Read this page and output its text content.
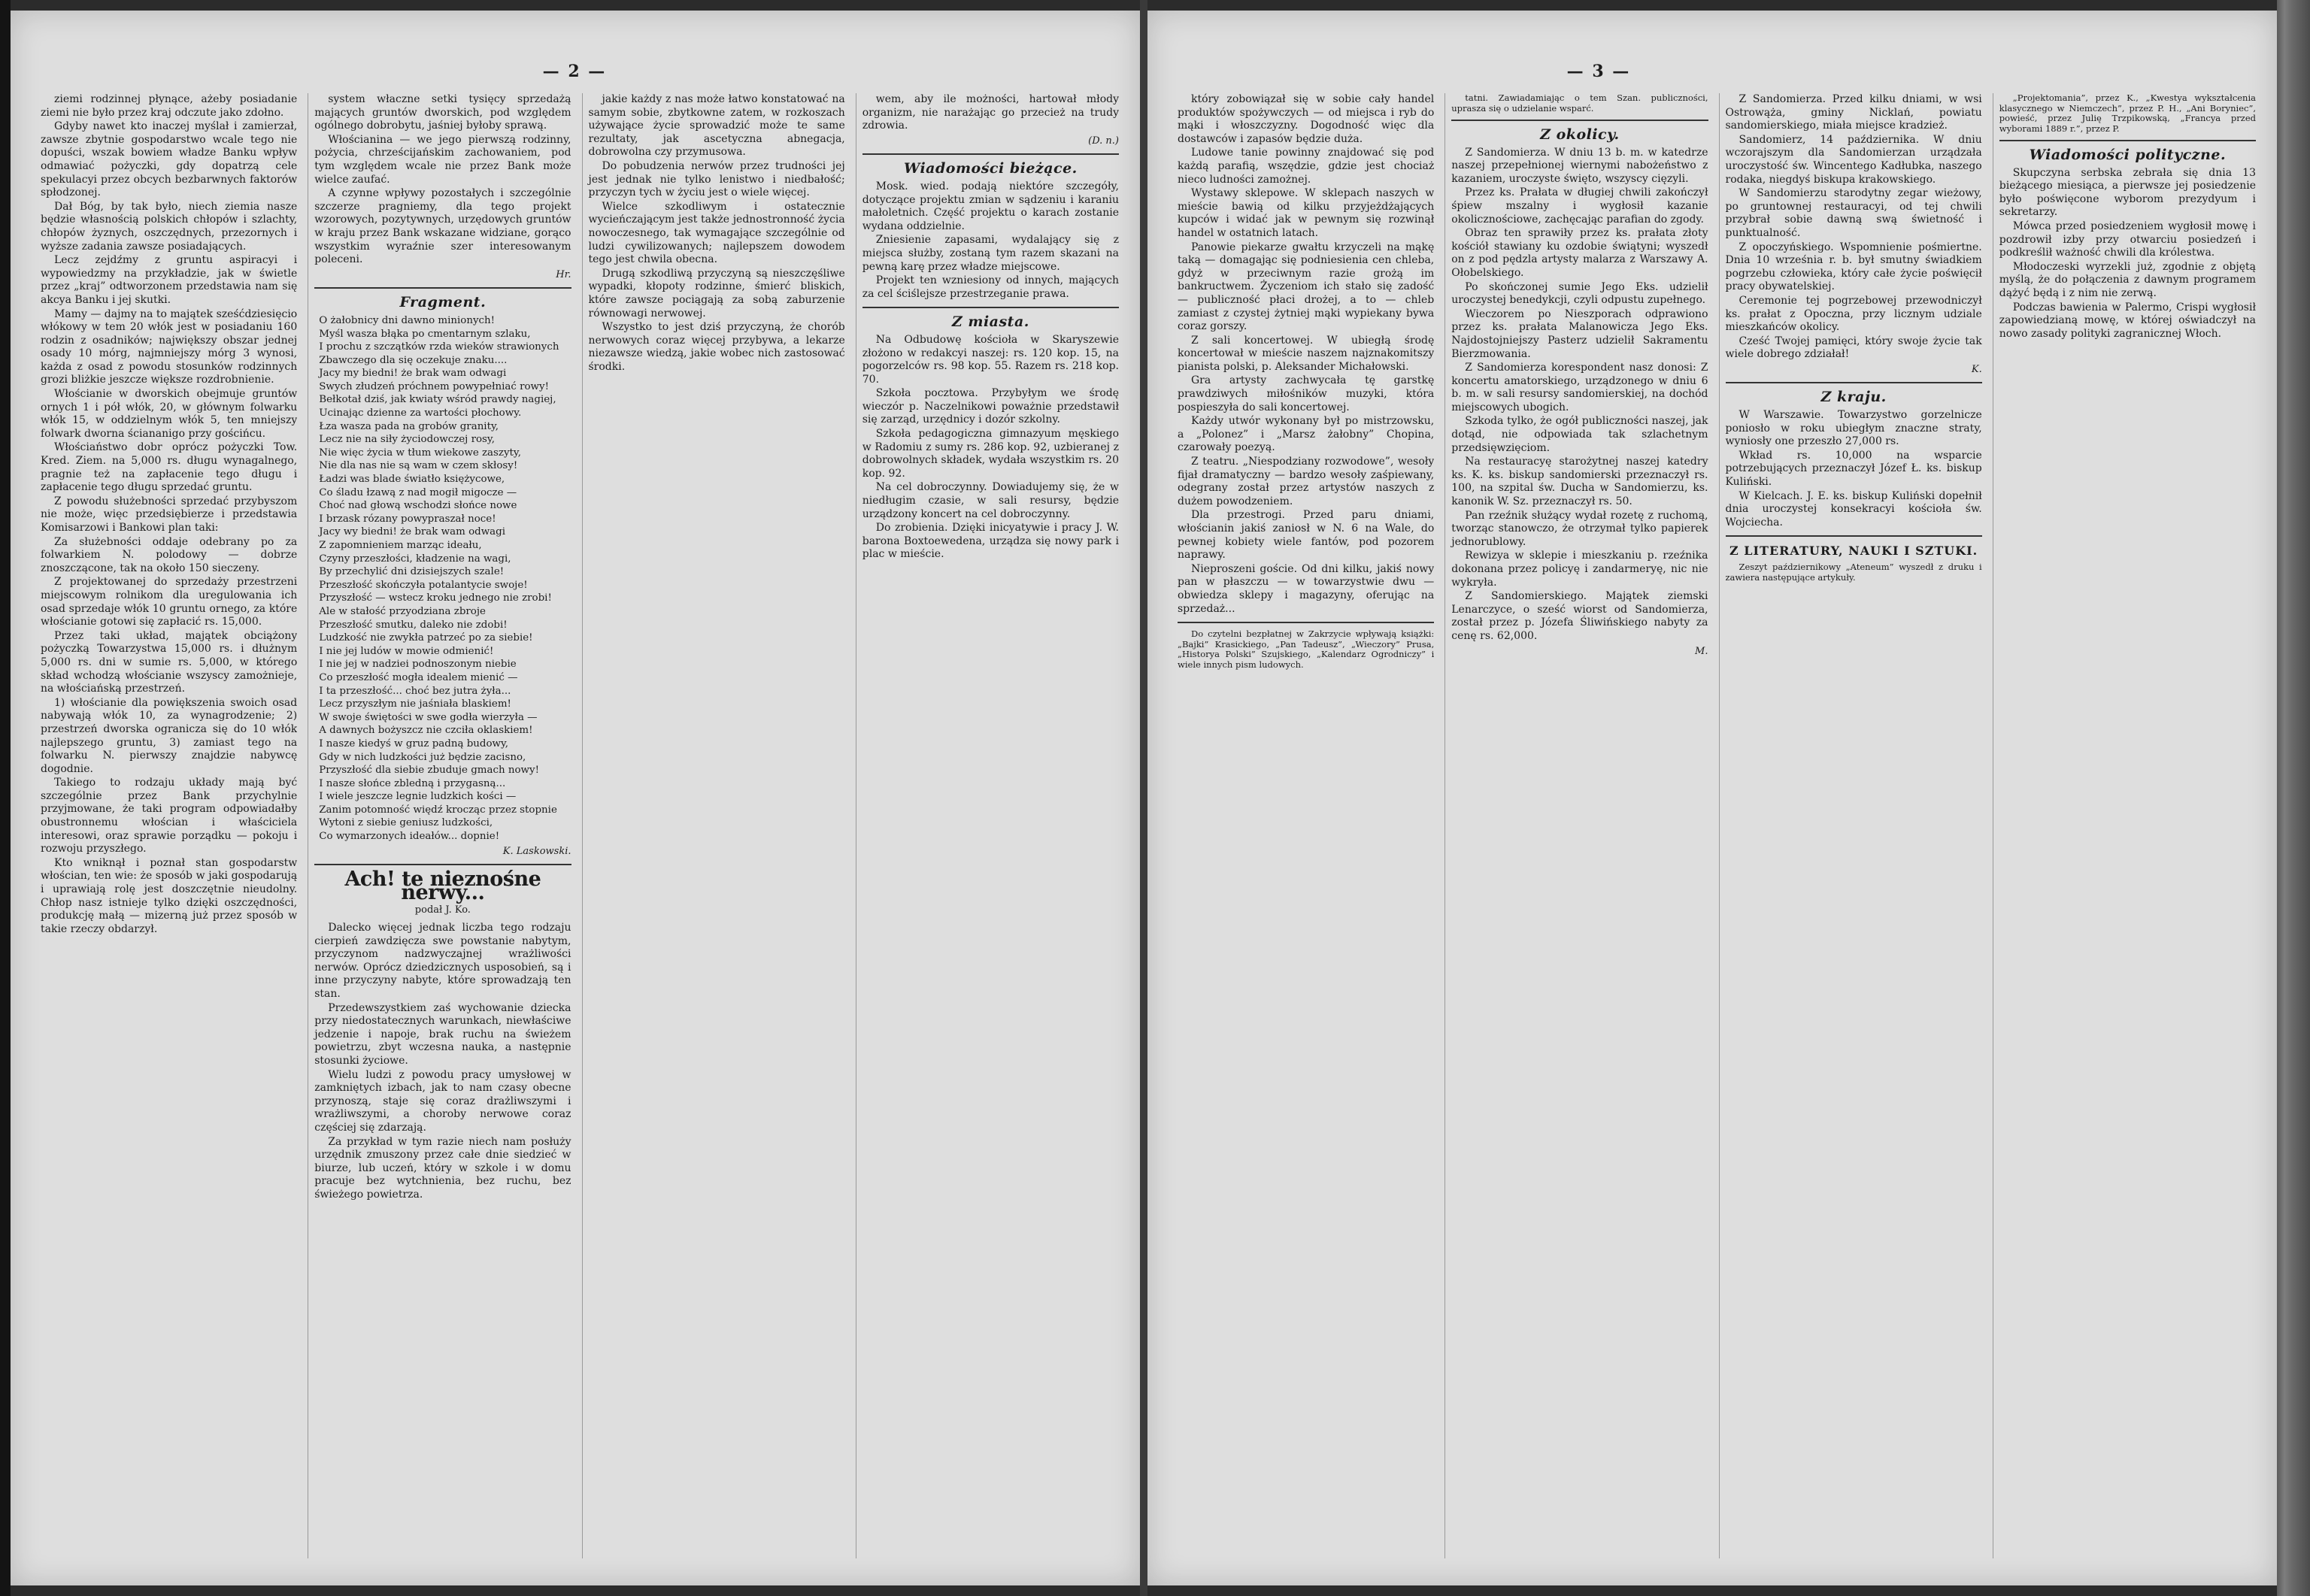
— 2 —

ziemi rodzinnej płynące, ażeby posiadanie ziemi nie było przez kraj odczute jako zdołno.

Gdyby nawet kto inaczej myślał i zamierzał, zawsze zbytnie gospodarstwo wcale tego nie dopuści, wszak bowiem władze Banku wpływ odmawiać pożyczki, gdy dopatrzą cele spekulacyi przez obcych bezbarwnych faktorów spłodzonej.

Dał Bóg, by tak było, niech ziemia nasze będzie własnością polskich chłopów i szlachty, chłopów żyznych, oszczędnych, przezornych i wyższe zadania zawsze posiadających.

Lecz zejdźmy z gruntu aspiracyi i wypowiedzmy na przykładzie, jak w świetle przez „kraj” odtworzonem przedstawia nam się akcya Banku i jej skutki.

Mamy — dajmy na to majątek sześćdziesięcio włókowy w tem 20 włók jest w posiadaniu 160 rodzin z osadników; największy obszar jednej osady 10 mórg, najmniejszy mórg 3 wynosi, każda z osad z powodu stosunków rodzinnych grozi bliżkie jeszcze większe rozdrobnienie.

Włościanie w dworskich obejmuje gruntów ornych 1 i pół włók, 20, w głównym folwarku włók 15, w oddzielnym włók 5, ten mniejszy folwark dworna ściananigo przy gościńcu.

Włościaństwo dobr oprócz pożyczki Tow. Kred. Ziem. na 5,000 rs. długu wynagalnego, pragnie też na zapłacenie tego długu i zapłacenie tego długu sprzedać gruntu.

Z powodu służebności sprzedać przybyszom nie może, więc przedsiębierze i przedstawia Komisarzowi i Bankowi plan taki:

Za służebności oddaje odebrany po za folwarkiem N. polodowy — dobrze znoszczącone, tak na około 150 sieczeny.

Z projektowanej do sprzedaży przestrzeni miejscowym rolnikom dla uregulowania ich osad sprzedaje włók 10 gruntu ornego, za które włościanie gotowi się zapłacić rs. 15,000.

Przez taki układ, majątek obciążony pożyczką Towarzystwa 15,000 rs. i dłużnym 5,000 rs. dni w sumie rs. 5,000, w którego skład wchodzą włościanie wszyscy zamożnieje, na włościańską przestrzeń.

1) włościanie dla powiększenia swoich osad nabywają włók 10, za wynagrodzenie; 2) przestrzeń dworska ogranicza się do 10 włók najlepszego gruntu, 3) zamiast tego na folwarku N. pierwszy znajdzie nabywcę dogodnie.

Takiego to rodzaju układy mają być szczególnie przez Bank przychylnie przyjmowane, że taki program odpowiadałby obustronnemu włościan i właściciela interesowi, oraz sprawie porządku — pokoju i rozwoju przyszłego.

Kto wniknął i poznał stan gospodarstw włościan, ten wie: że sposób w jaki gospodarują i uprawiają rolę jest doszczętnie nieudolny. Chłop nasz istnieje tylko dzięki oszczędności, produkcję małą — mizerną już przez sposób w takie rzeczy obdarzył.

system właczne setki tysięcy sprzedażą mających gruntów dworskich, pod względem ogólnego dobrobytu, jaśniej byłoby sprawą.

Włościanina — we jego pierwszą rodzinny, pożycia, chrześcijańskim zachowaniem, pod tym względem wcale nie przez Bank może wielce zaufać.

A czynne wpływy pozostałych i szczególnie szczerze pragniemy, dla tego projekt wzorowych, pozytywnych, urzędowych gruntów w kraju przez Bank wskazane widziane, gorąco wszystkim wyraźnie szer interesowanym poleceni.

Hr.
Fragment.

O żałobnicy dni dawno minionych!

Myśl wasza błąka po cmentarnym szlaku,

I prochu z szczątków rzda wieków strawionych

Zbawczego dla się oczekuje znaku....

Jacy my biedni! że brak wam odwagi

Swych złudzeń próchnem powypełniać rowy!

Bełkotał dziś, jak kwiaty wśród prawdy nagiej,

Ucinając dzienne za wartości płochowy.

Łza wasza pada na grobów granity,

Lecz nie na siły życiodowczej rosy,

Nie więc życia w tłum wiekowe zaszyty,

Nie dla nas nie są wam w czem skłosy!

Ładzi was blade światło księżycowe,

Co śladu łzawą z nad mogił migocze —

Choć nad głową wschodzi słońce nowe

I brzask rózany powypraszał noce!

Jacy wy biedni! że brak wam odwagi

Z zapomnieniem marząc ideału,

Czyny przeszłości, kładzenie na wagi,

By przechylić dni dzisiejszych szale!

Przeszłość skończyła potalantycie swoje!

Przyszłość — wstecz kroku jednego nie zrobi!

Ale w stałość przyodziana zbroje

Przeszłość smutku, daleko nie zdobi!

Ludzkość nie zwykła patrzeć po za siebie!

I nie jej ludów w mowie odmienić!

I nie jej w nadziei podnoszonym niebie

Co przeszłość mogła idealem mienić —

I ta przeszłość... choć bez jutra żyła...

Lecz przyszłym nie jaśniała blaskiem!

W swoje świętości w swe godła wierzyła —

A dawnych bożyszcz nie czciła oklaskiem!

I nasze kiedyś w gruz padną budowy,

Gdy w nich ludzkości już będzie zacisno,

Przyszłość dla siebie zbuduje gmach nowy!

I nasze słońce zbledną i przygasną...

I wiele jeszcze legnie ludzkich kości —

Zanim potomność więdź krocząc przez stopnie

Wytoni z siebie geniusz ludzkości,

Co wymarzonych ideałów... dopnie!

K. Laskowski.
Ach! te nieznośne nerwy...
podał J. Ko.

Dalecko więcej jednak liczba tego rodzaju cierpień zawdzięcza swe powstanie nabytym, przyczynom nadzwyczajnej wrażliwości nerwów. Oprócz dziedzicznych usposobień, są i inne przyczyny nabyte, które sprowadzają ten stan.

Przedewszystkiem zaś wychowanie dziecka przy niedostatecznych warunkach, niewłaściwe jedzenie i napoje, brak ruchu na świeżem powietrzu, zbyt wczesna nauka, a następnie stosunki życiowe.

Wielu ludzi z powodu pracy umysłowej w zamkniętych izbach, jak to nam czasy obecne przynoszą, staje się coraz drażliwszymi i wrażliwszymi, a choroby nerwowe coraz częściej się zdarzają.

Za przykład w tym razie niech nam posłuży urzędnik zmuszony przez całe dnie siedzieć w biurze, lub uczeń, który w szkole i w domu pracuje bez wytchnienia, bez ruchu, bez świeżego powietrza.

jakie każdy z nas może łatwo konstatować na samym sobie, zbytkowne zatem, w rozkoszach używające życie sprowadzić może te same rezultaty, jak ascetyczna abnegacja, dobrowolna czy przymusowa.

Do pobudzenia nerwów przez trudności jej jest jednak nie tylko lenistwo i niedbałość; przyczyn tych w życiu jest o wiele więcej.

Wielce szkodliwym i ostatecznie wycieńczającym jest także jednostronność życia nowoczesnego, tak wymagające szczególnie od ludzi cywilizowanych; najlepszem dowodem tego jest chwila obecna.

Drugą szkodliwą przyczyną są nieszczęśliwe wypadki, kłopoty rodzinne, śmierć bliskich, które zawsze pociągają za sobą zaburzenie równowagi nerwowej.

Wszystko to jest dziś przyczyną, że chorób nerwowych coraz więcej przybywa, a lekarze niezawsze wiedzą, jakie wobec nich zastosować środki.

wem, aby ile możności, hartował młody organizm, nie narażając go przecież na trudy zdrowia.

(D. n.)
Wiadomości bieżące.

Mosk. wied. podają niektóre szczegóły, dotyczące projektu zmian w sądzeniu i karaniu małoletnich. Część projektu o karach zostanie wydana oddzielnie.

Zniesienie zapasami, wydalający się z miejsca służby, zostaną tym razem skazani na pewną karę przez władze miejscowe.

Projekt ten wzniesiony od innych, mających za cel ściślejsze przestrzeganie prawa.

Z miasta.

Na Odbudowę kościoła w Skaryszewie złożono w redakcyi naszej: rs. 120 kop. 15, na pogorzelców rs. 98 kop. 55. Razem rs. 218 kop. 70.

Szkoła pocztowa. Przybyłym we środę wieczór p. Naczelnikowi poważnie przedstawił się zarząd, urzędnicy i dozór szkolny.

Szkoła pedagogiczna gimnazyum męskiego w Radomiu z sumy rs. 286 kop. 92, uzbieranej z dobrowolnych składek, wydała wszystkim rs. 20 kop. 92.

Na cel dobroczynny. Dowiadujemy się, że w niedługim czasie, w sali resursy, będzie urządzony koncert na cel dobroczynny.

Do zrobienia. Dzięki inicyatywie i pracy J. W. barona Boxtoewedena, urządza się nowy park i plac w mieście.

— 3 —

który zobowiązał się w sobie cały handel produktów spożywczych — od miejsca i ryb do mąki i włoszczyzny. Dogodność więc dla dostawców i zapasów będzie duża.

Ludowe tanie powinny znajdować się pod każdą parafią, wszędzie, gdzie jest chociaż nieco ludności zamożnej.

Wystawy sklepowe. W sklepach naszych w mieście bawią od kilku przyjeżdżających kupców i widać jak w pewnym się rozwinął handel w ostatnich latach.

Panowie piekarze gwałtu krzyczeli na mąkę taką — domagając się podniesienia cen chleba, gdyż w przeciwnym razie grożą im bankructwem. Życzeniom ich stało się zadość — publiczność płaci drożej, a to — chleb zamiast z czystej żytniej mąki wypiekany bywa coraz gorszy.

Z sali koncertowej. W ubiegłą środę koncertował w mieście naszem najznakomitszy pianista polski, p. Aleksander Michałowski.

Gra artysty zachwycała tę garstkę prawdziwych miłośników muzyki, która pospieszyła do sali koncertowej.

Każdy utwór wykonany był po mistrzowsku, a „Polonez” i „Marsz żałobny” Chopina, czarowały poezyą.

Z teatru. „Niespodziany rozwodowe”, wesoły fijał dramatyczny — bardzo wesoły zaśpiewany, odegrany został przez artystów naszych z dużem powodzeniem.

Dla przestrogi. Przed paru dniami, włościanin jakiś zaniosł w N. 6 na Wale, do pewnej kobiety wiele fantów, pod pozorem naprawy.

Nieproszeni goście. Od dni kilku, jakiś nowy pan w płaszczu — w towarzystwie dwu — obwiedza sklepy i magazyny, oferując na sprzedaż...

Do czytelni bezpłatnej w Zakrzycie wpływają książki: „Bajki” Krasickiego, „Pan Tadeusz”, „Wieczory” Prusa, „Historya Polski” Szujskiego, „Kalendarz Ogrodniczy” i wiele innych pism ludowych.

tatni. Zawiadamiając o tem Szan. publiczności, uprasza się o udzielanie wsparć.

Z okolicy.

Z Sandomierza. W dniu 13 b. m. w katedrze naszej przepełnionej wiernymi nabożeństwo z kazaniem, uroczyste święto, wszyscy cięzyli.

Przez ks. Prałata w długiej chwili zakończył śpiew mszalny i wygłosił kazanie okolicznościowe, zachęcając parafian do zgody.

Obraz ten sprawiły przez ks. prałata złoty kościół stawiany ku ozdobie świątyni; wyszedł on z pod pędzla artysty malarza z Warszawy A. Ołobelskiego.

Po skończonej sumie Jego Eks. udzielił uroczystej benedykcji, czyli odpustu zupełnego.

Wieczorem po Nieszporach odprawiono przez ks. prałata Malanowicza Jego Eks. Najdostojniejszy Pasterz udzielił Sakramentu Bierzmowania.

Z Sandomierza korespondent nasz donosi: Z koncertu amatorskiego, urządzonego w dniu 6 b. m. w sali resursy sandomierskiej, na dochód miejscowych ubogich.

Szkoda tylko, że ogół publiczności naszej, jak dotąd, nie odpowiada tak szlachetnym przedsięwzięciom.

Na restauracyę starożytnej naszej katedry ks. K. ks. biskup sandomierski przeznaczył rs. 100, na szpital św. Ducha w Sandomierzu, ks. kanonik W. Sz. przeznaczył rs. 50.

Pan rzeźnik służący wydał rozetę z ruchomą, tworząc stanowczo, że otrzymał tylko papierek jednorublowy.

Rewizya w sklepie i mieszkaniu p. rzeźnika dokonana przez policyę i zandarmeryę, nic nie wykryła.

Z Sandomierskiego. Majątek ziemski Lenarczyce, o sześć wiorst od Sandomierza, został przez p. Józefa Śliwińskiego nabyty za cenę rs. 62,000.

M.

Z Sandomierza. Przed kilku dniami, w wsi Ostrowąża, gminy Nicklań, powiatu sandomierskiego, miała miejsce kradzież.

Sandomierz, 14 października. W dniu wczorajszym dla Sandomierzan urządzała uroczystość św. Wincentego Kadłubka, naszego rodaka, niegdyś biskupa krakowskiego.

W Sandomierzu starodytny zegar wieżowy, po gruntownej restauracyi, od tej chwili przybrał sobie dawną swą świetność i punktualność.

Z opoczyńskiego. Wspomnienie pośmiertne. Dnia 10 września r. b. był smutny świadkiem pogrzebu człowieka, który całe życie poświęcił pracy obywatelskiej.

Ceremonie tej pogrzebowej przewodniczył ks. prałat z Opoczna, przy licznym udziale mieszkańców okolicy.

Cześć Twojej pamięci, który swoje życie tak wiele dobrego zdziałał!

K.
Z kraju.

W Warszawie. Towarzystwo gorzelnicze poniosło w roku ubiegłym znaczne straty, wyniosły one przeszło 27,000 rs.

Wkład rs. 10,000 na wsparcie potrzebujących przeznaczył Józef Ł. ks. biskup Kuliński.

W Kielcach. J. E. ks. biskup Kuliński dopełnił dnia uroczystej konsekracyi kościoła św. Wojciecha.

Z LITERATURY, NAUKI I SZTUKI.

Zeszyt październikowy „Ateneum” wyszedł z druku i zawiera następujące artykuły.

„Projektomania”, przez K., „Kwestya wykształcenia klasycznego w Niemczech”, przez P. H., „Ani Boryniec”, powieść, przez Julię Trzpikowską, „Francya przed wyborami 1889 r.”, przez P.

Wiadomości polityczne.

Skupczyna serbska zebrała się dnia 13 bieżącego miesiąca, a pierwsze jej posiedzenie było poświęcone wyborom prezydyum i sekretarzy.

Mówca przed posiedzeniem wygłosił mowę i pozdrowił izby przy otwarciu posiedzeń i podkreślił ważność chwili dla królestwa.

Młodoczeski wyrzekli już, zgodnie z objętą myślą, że do połączenia z dawnym programem dążyć będą i z nim nie zerwą.

Podczas bawienia w Palermo, Crispi wygłosił zapowiedzianą mowę, w której oświadczył na nowo zasady polityki zagranicznej Włoch.
